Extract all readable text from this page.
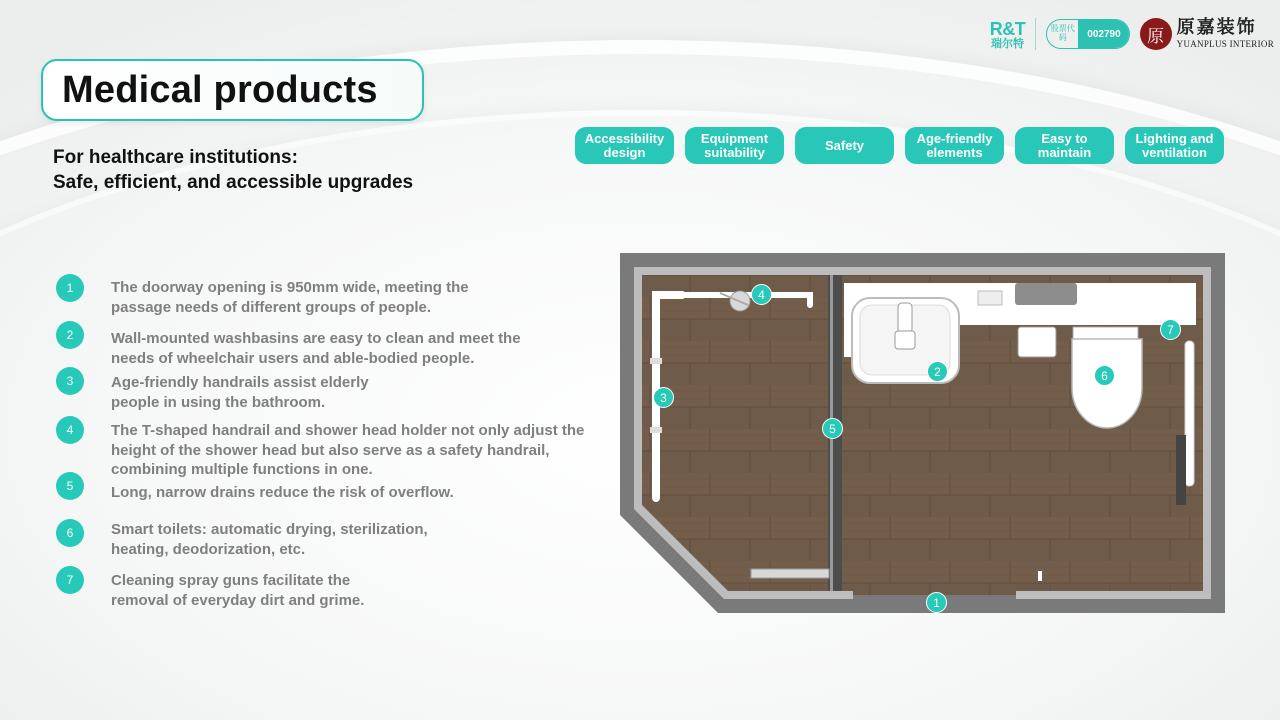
R&T
瑞尔特
股票代码	002790	原 原嘉装饰
YUANPLUS INTERIOR
Medical products
For healthcare institutions:
Safe, efficient, and accessible upgrades
Accessibility design
Equipment suitability	Safety	Age-friendly elements
Easy to maintain
Lighting and ventilation
1	The doorway opening is 950mm wide, meeting the passage needs of different groups of people.
2	Wall-mounted washbasins are easy to clean and meet the needs of wheelchair users and able-bodied people.
3	Age-friendly handrails assist elderly people in using the bathroom.
4	The T-shaped handrail and shower head holder not only adjust the height of the shower head but also serve as a safety handrail, combining multiple functions in one.
5	Long, narrow drains reduce the risk of overflow.
6	Smart toilets: automatic drying, sterilization, heating, deodorization, etc.
7	Cleaning spray guns facilitate the removal of everyday dirt and grime.	1
2
3
4
5
6
7
